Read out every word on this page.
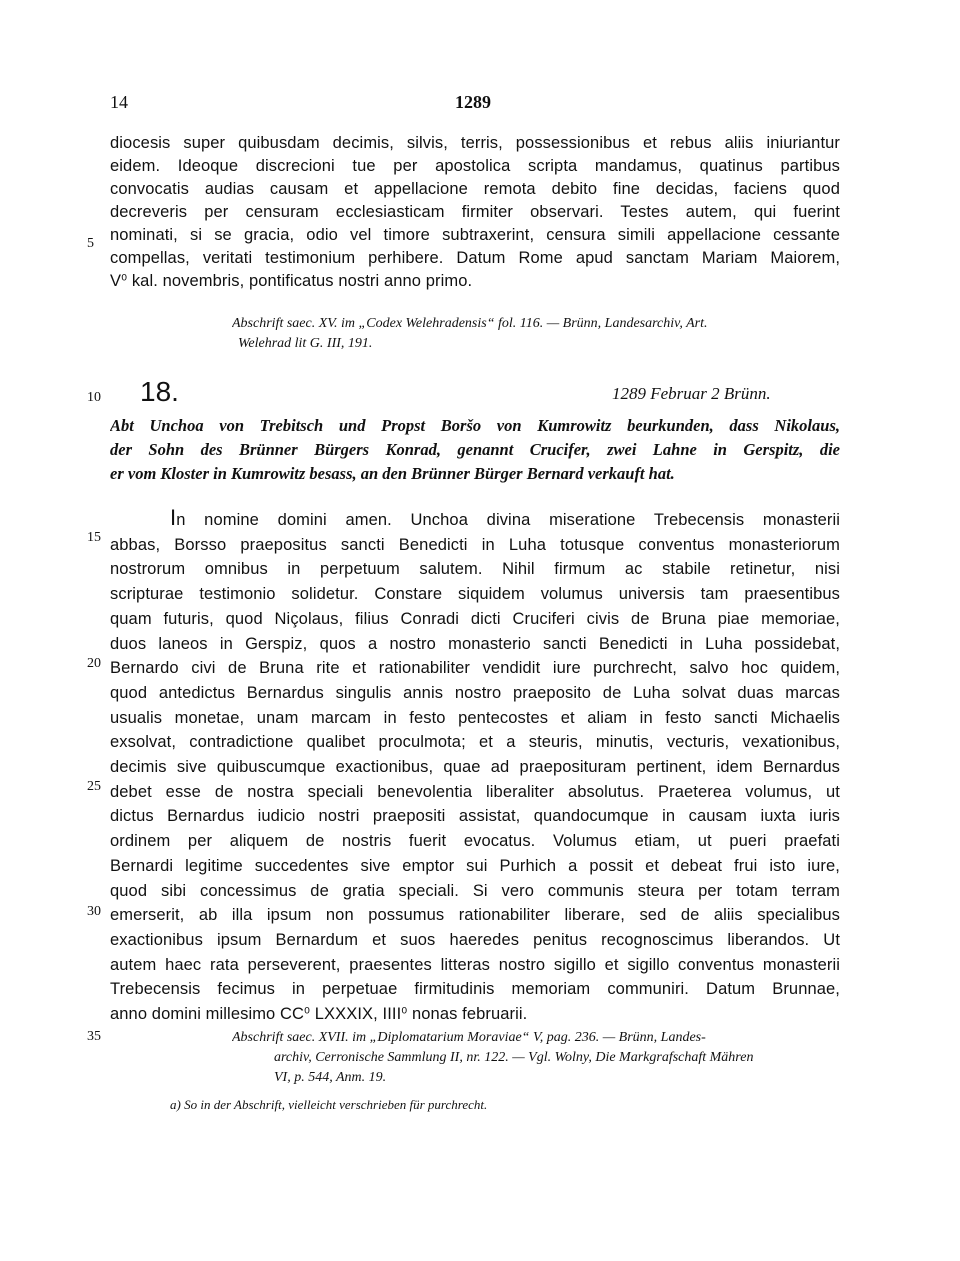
14	1289
diocesis super quibusdam decimis, silvis, terris, possessionibus et rebus aliis iniuriantur
eidem. Ideoque discrecioni tue per apostolica scripta mandamus, quatinus partibus
convocatis audias causam et appellacione remota debito fine decidas, faciens quod
decreveris per censuram ecclesiasticam firmiter observari. Testes autem, qui fuerint
nominati, si se gracia, odio vel timore subtraxerint, censura simili appellacione cessante
compellas, veritati testimonium perhibere. Datum Rome apud sanctam Mariam Maiorem,
V⁰ kal. novembris, pontificatus nostri anno primo.
Abschrift saec. XV. im „Codex Welehradensis“ fol. 116. — Brünn, Landesarchiv, Art.
Welehrad lit G. III, 191.
5
10
15
20
25
30
35
18.	1289 Februar 2 Brünn.
Abt Unchoa von Trebitsch und Propst Boršo von Kumrowitz beurkunden, dass Nikolaus,
der Sohn des Brünner Bürgers Konrad, genannt Crucifer, zwei Lahne in Gerspitz, die
er vom Kloster in Kumrowitz besass, an den Brünner Bürger Bernard verkauft hat.
In nomine domini amen. Unchoa divina miseratione Trebecensis monasterii
abbas, Borsso praepositus sancti Benedicti in Luha totusque conventus monasteriorum
nostrorum omnibus in perpetuum salutem. Nihil firmum ac stabile retinetur, nisi
scripturae testimonio solidetur. Constare siquidem volumus universis tam praesentibus
quam futuris, quod Niçolaus, filius Conradi dicti Cruciferi civis de Bruna piae memoriae,
duos laneos in Gerspiz, quos a nostro monasterio sancti Benedicti in Luha possidebat,
Bernardo civi de Bruna rite et rationabiliter vendidit iure purchrecht, salvo hoc quidem,
quod antedictus Bernardus singulis annis nostro praeposito de Luha solvat duas marcas
usualis monetae, unam marcam in festo pentecostes et aliam in festo sancti Michaelis
exsolvat, contradictione qualibet proculmota; et a steuris, minutis, vecturis, vexationibus,
decimis sive quibuscumque exactionibus, quae ad praeposituram pertinent, idem Bernardus
debet esse de nostra speciali benevolentia liberaliter absolutus. Praeterea volumus, ut
dictus Bernardus iudicio nostri praepositi assistat, quandocumque in causam iuxta iuris
ordinem per aliquem de nostris fuerit evocatus. Volumus etiam, ut pueri praefati
Bernardi legitime succedentes sive emptor sui Purhich a possit et debeat frui isto iure,
quod sibi concessimus de gratia speciali. Si vero communis steura per totam terram
emerserit, ab illa ipsum non possumus rationabiliter liberare, sed de aliis specialibus
exactionibus ipsum Bernardum et suos haeredes penitus recognoscimus liberandos. Ut
autem haec rata perseverent, praesentes litteras nostro sigillo et sigillo conventus monasterii
Trebecensis fecimus in perpetuae firmitudinis memoriam communiri. Datum Brunnae,
anno domini millesimo CC⁰ LXXXIX, IIII⁰ nonas februarii.
Abschrift saec. XVII. im „Diplomatarium Moraviae“ V, pag. 236. — Brünn, Landes-
archiv, Cerronische Sammlung II, nr. 122. — Vgl. Wolny, Die Markgrafschaft Mähren
VI, p. 544, Anm. 19.
a) So in der Abschrift, vielleicht verschrieben für purchrecht.
